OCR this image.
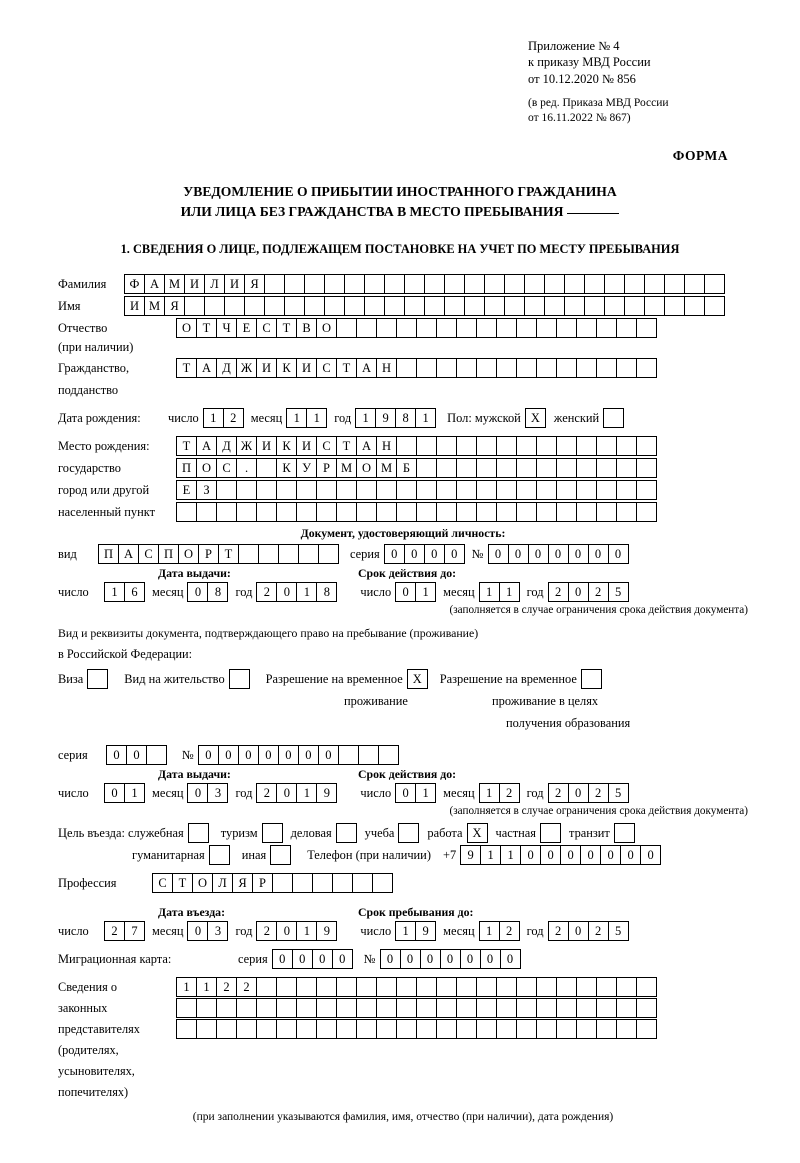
Приложение № 4
к приказу МВД России
от 10.12.2020 № 856
(в ред. Приказа МВД России
от 16.11.2022 № 867)
ФОРМА
УВЕДОМЛЕНИЕ О ПРИБЫТИИ ИНОСТРАННОГО ГРАЖДАНИНА
ИЛИ ЛИЦА БЕЗ ГРАЖДАНСТВА В МЕСТО ПРЕБЫВАНИЯ
1. СВЕДЕНИЯ О ЛИЦЕ, ПОДЛЕЖАЩЕМ ПОСТАНОВКЕ НА УЧЕТ ПО МЕСТУ ПРЕБЫВАНИЯ
Фамилия	Ф А М И Л И Я
Имя	И М Я
Отчество	О Т Ч Е С Т В О
(при наличии)
Гражданство,	Т А Д Ж И К И С Т А Н
подданство
Дата рождения:	число 1	2	месяц 1	1	год 1	9	8	1	Пол: мужской X	женский
Место рождения:	Т А Д Ж И К И С Т А Н
государство	П О С	.	К У Р М О М Б
город или другой	Е	З
населенный пункт
Документ, удостоверяющий личность:
вид	П А С П О Р	Т	серия 0	0	0	0	№ 0	0	0	0	0	0	0
Дата выдачи:	Срок действия до:
число	1	6	месяц 0	8	год 2	0	1	8	число 0	1	месяц 1	1	год 2	0	2	5
(заполняется в случае ограничения срока действия документа)
Вид и реквизиты документа, подтверждающего право на пребывание (проживание)
в Российской Федерации:
Виза	Вид на жительство	Разрешение на временное X	Разрешение на временное
проживание	проживание в целях
получения образования
серия	0	0	№ 0	0	0	0	0	0	0
Дата выдачи:	Срок действия до:
число	0	1	месяц 0	3	год 2	0	1	9	число 0	1	месяц 1	2	год 2	0	2	5
(заполняется в случае ограничения срока действия документа)
Цель въезда: служебная	туризм	деловая	учеба	работа X	частная	транзит
гуманитарная	иная	Телефон (при наличии) +7 9	1	1	0	0	0	0	0	0	0
Профессия	С Т О Л Я Р
Дата въезда:	Срок пребывания до:
число	2	7	месяц 0	3	год 2	0	1	9	число 1	9	месяц 1	2	год 2	0	2	5
Миграционная карта:	серия 0	0	0	0	№ 0	0	0	0	0	0	0
Сведения о
законных
представителях
(родителях,
усыновителях,
попечителях)
1	1	2	2
(при заполнении указываются фамилия, имя, отчество (при наличии), дата рождения)
